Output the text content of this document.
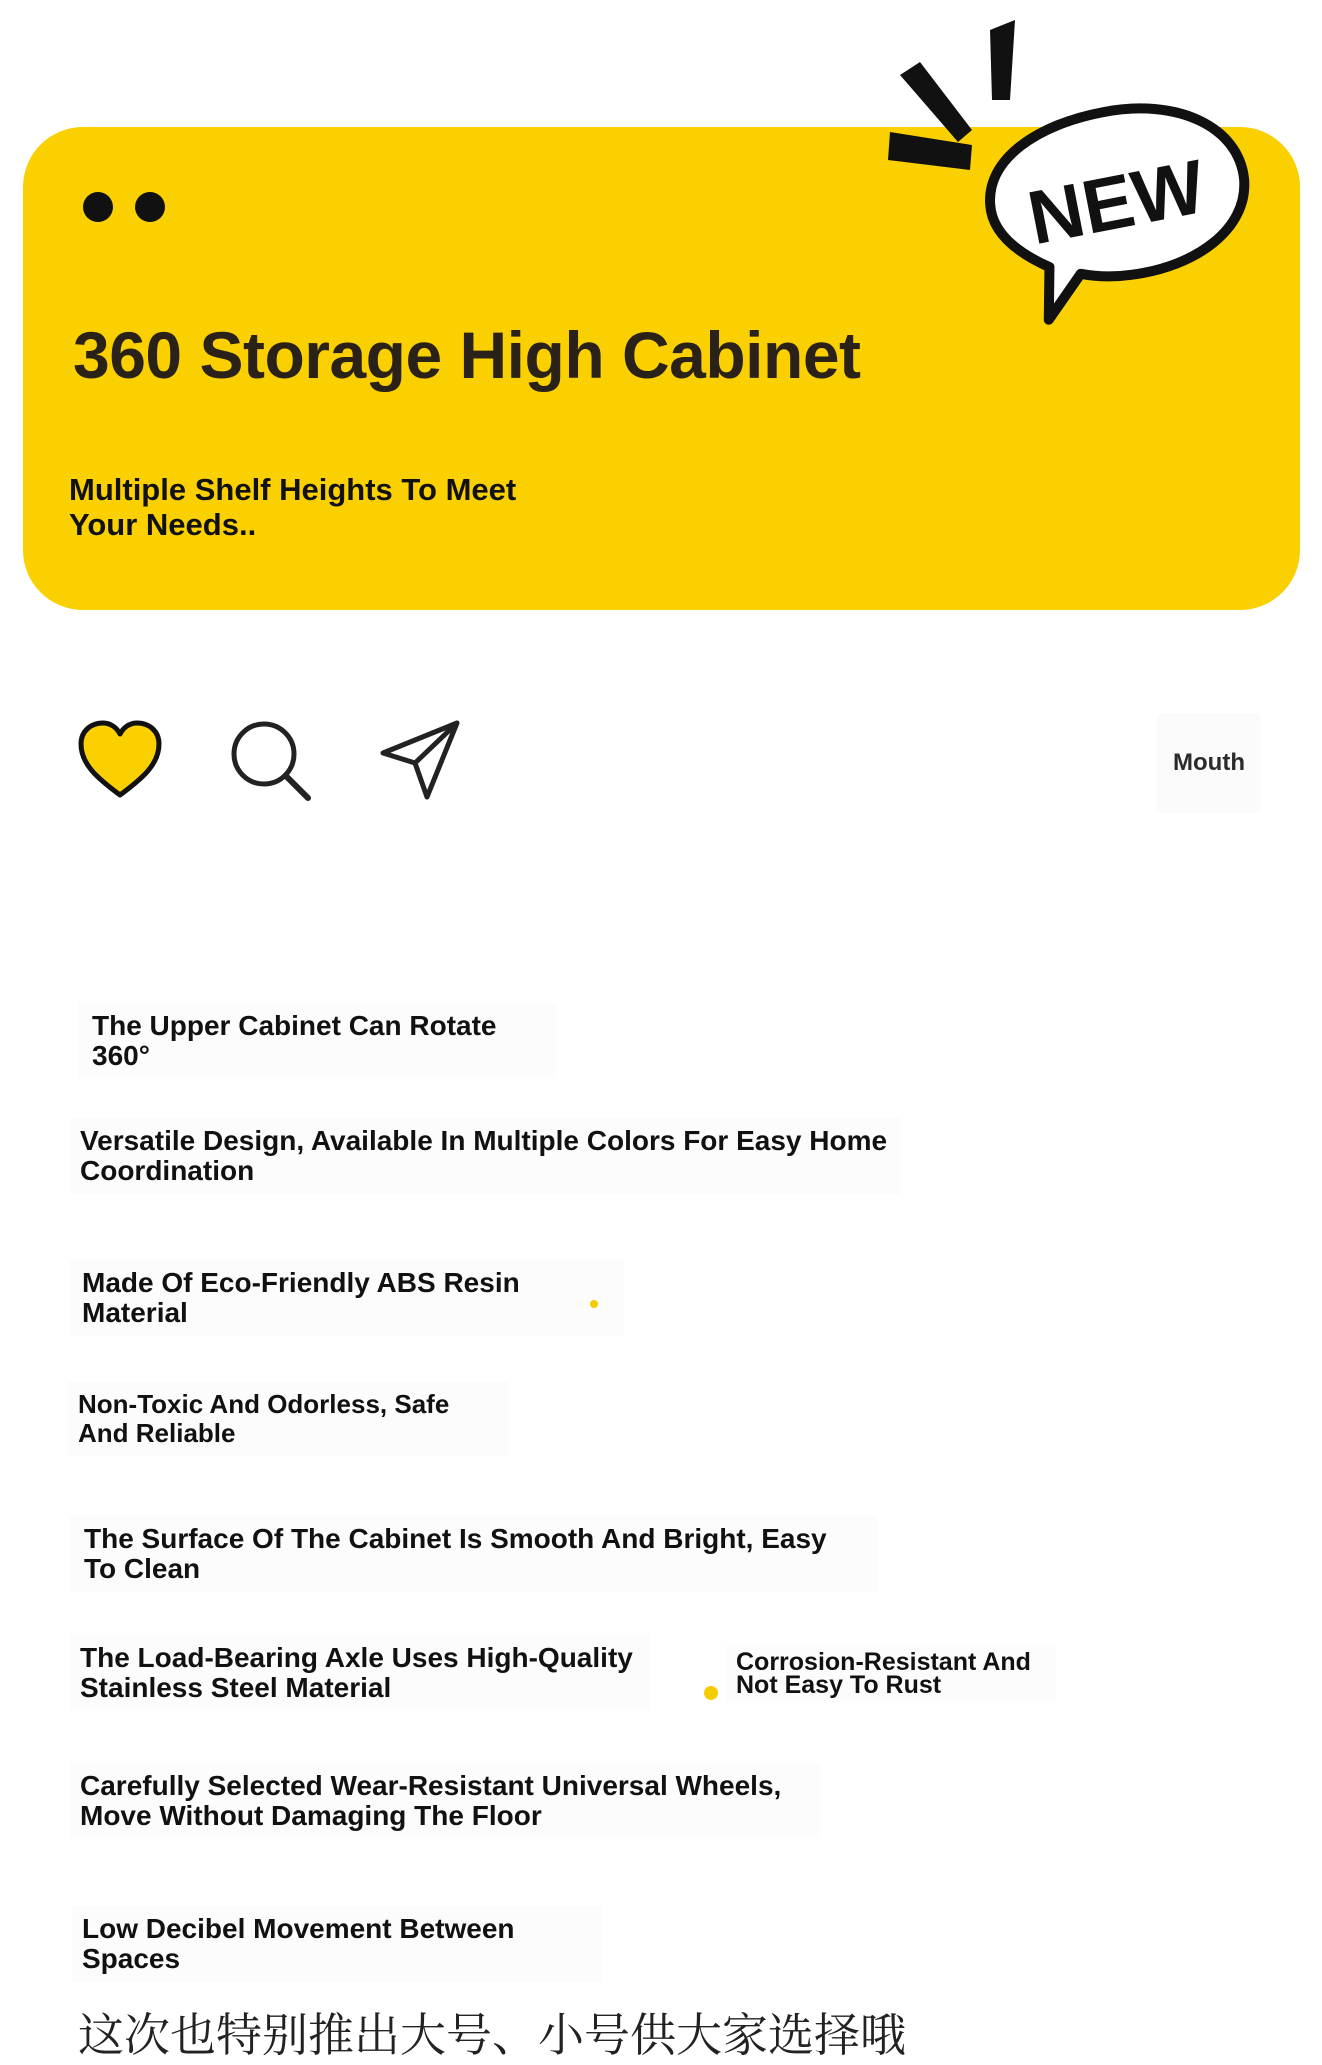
360 Storage High Cabinet

Multiple Shelf Heights To Meet Your Needs..

NEW
Mouth

The Upper Cabinet Can Rotate 360°

Versatile Design, Available In Multiple Colors For Easy Home Coordination

Made Of Eco-Friendly ABS Resin Material

Non-Toxic And Odorless, Safe And Reliable

The Surface Of The Cabinet Is Smooth And Bright, Easy To Clean

The Load-Bearing Axle Uses High-Quality Stainless Steel Material

Corrosion-Resistant And Not Easy To Rust

Carefully Selected Wear-Resistant Universal Wheels, Move Without Damaging The Floor

Low Decibel Movement Between Spaces

这次也特别推出大号、小号供大家选择哦
